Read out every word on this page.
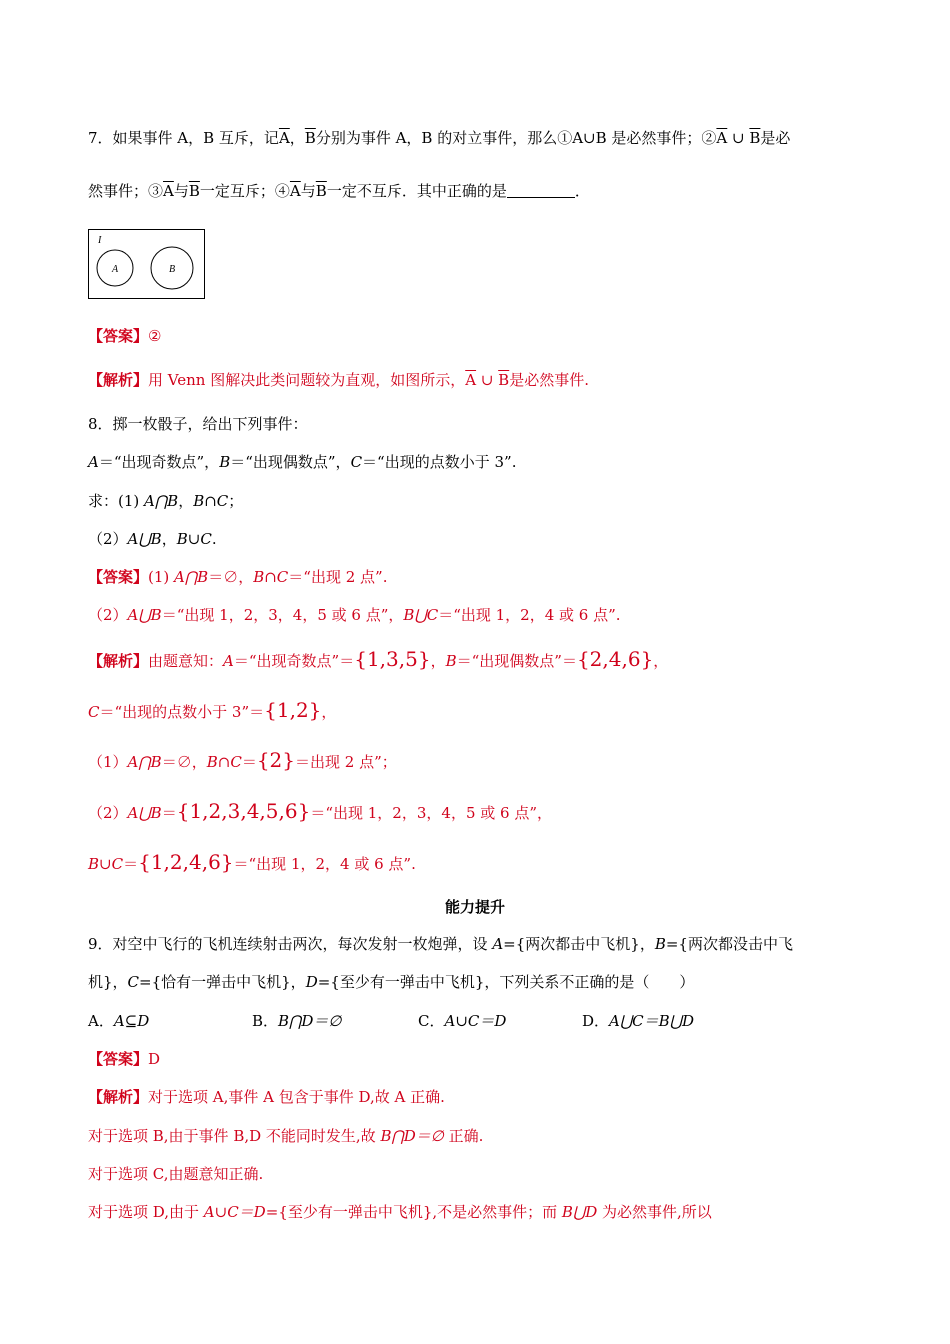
7．如果事件 A，B 互斥，记$\overline{A}$，$\overline{B}$分别为事件 A，B 的对立事件，那么①A∪B 是必然事件；$②\overline{A}$ ∪ $\overline{B}$是必
然事件；$③\overline{A}$与$\overline{B}$一定互斥；$④\overline{A}$与$\overline{B}$一定不互斥．其中正确的是	．
I
A	B
【答案】②
【解析】用 Venn 图解决此类问题较为直观，如图所示，$\overline{A}$ ∪ $\overline{B}$是必然事件.
8．掷一枚骰子，给出下列事件：
A＝“出现奇数点”，B＝“出现偶数点”，C＝“出现的点数小于 3”.
求：(1) A⋂B，B∩C；
（2）A⋃B，B∪C.
【答案】(1) A⋂B＝∅，B∩C＝“出现 2 点”.
（2）A⋃B＝“出现 1，2，3，4，5 或 6 点”，B⋃C＝“出现 1，2，4 或 6 点”.
【解析】由题意知：A＝“出现奇数点”＝{1,3,5}，B＝“出现偶数点”＝{2,4,6}，
C＝“出现的点数小于 3”＝{1,2}，
（1）A⋂B＝∅，B∩C＝{2}＝出现 2 点”；
（2）A⋃B＝{1,2,3,4,5,6}＝“出现 1，2，3，4，5 或 6 点”，
B∪C＝{1,2,4,6}＝“出现 1，2，4 或 6 点”.
能力提升
9．对空中飞行的飞机连续射击两次，每次发射一枚炮弹，设 A={两次都击中飞机}，B={两次都没击中飞
机}，C={恰有一弹击中飞机}，D={至少有一弹击中飞机}，下列关系不正确的是（　　）
A．A⊆D	B．B⋂D＝∅	C．A∪C＝D	D．A⋃C＝B⋃D
【答案】D
【解析】对于选项 A,事件 A 包含于事件 D,故 A 正确.
对于选项 B,由于事件 B,D 不能同时发生,故 B⋂D＝∅ 正确.
对于选项 C,由题意知正确.
对于选项 D,由于 A∪C＝D={至少有一弹击中飞机},不是必然事件；而 B⋃D 为必然事件,所以
